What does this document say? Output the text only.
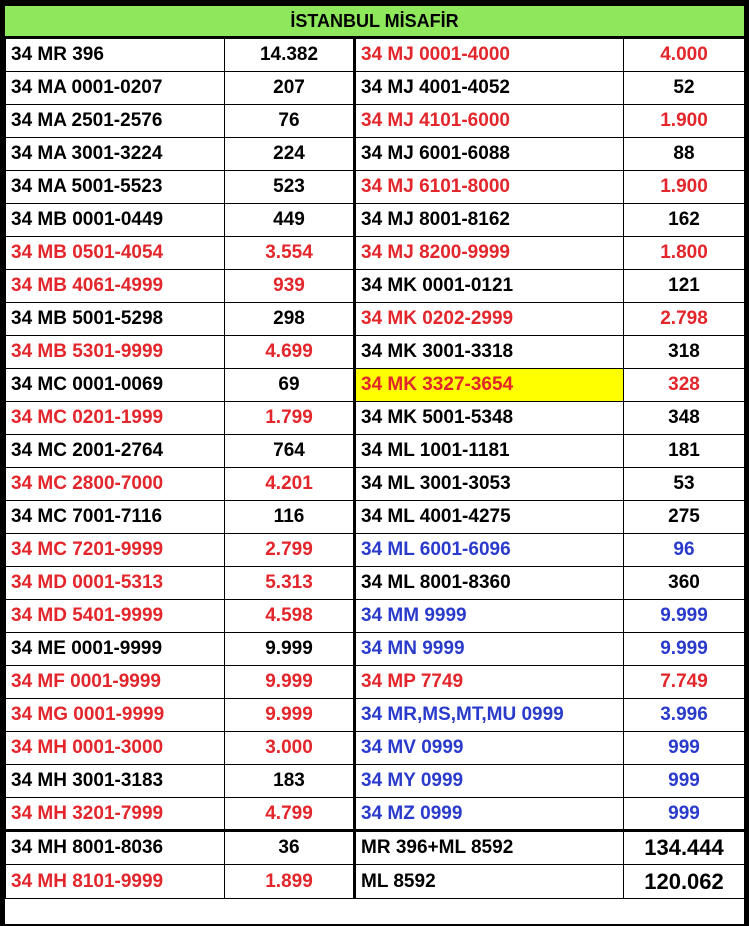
İSTANBUL MİSAFİR
34 MR 396	14.382	34 MJ 0001-4000	4.000
34 MA 0001-0207	207	34 MJ 4001-4052	52
34 MA 2501-2576	76	34 MJ 4101-6000	1.900
34 MA 3001-3224	224	34 MJ 6001-6088	88
34 MA 5001-5523	523	34 MJ 6101-8000	1.900
34 MB 0001-0449	449	34 MJ 8001-8162	162
34 MB 0501-4054	3.554	34 MJ 8200-9999	1.800
34 MB 4061-4999	939	34 MK 0001-0121	121
34 MB 5001-5298	298	34 MK 0202-2999	2.798
34 MB 5301-9999	4.699	34 MK 3001-3318	318
34 MC 0001-0069	69	34 MK 3327-3654	328
34 MC 0201-1999	1.799	34 MK 5001-5348	348
34 MC 2001-2764	764	34 ML 1001-1181	181
34 MC 2800-7000	4.201	34 ML 3001-3053	53
34 MC 7001-7116	116	34 ML 4001-4275	275
34 MC 7201-9999	2.799	34 ML 6001-6096	96
34 MD 0001-5313	5.313	34 ML 8001-8360	360
34 MD 5401-9999	4.598	34 MM 9999	9.999
34 ME 0001-9999	9.999	34 MN 9999	9.999
34 MF 0001-9999	9.999	34 MP 7749	7.749
34 MG 0001-9999	9.999	34 MR,MS,MT,MU 0999	3.996
34 MH 0001-3000	3.000	34 MV 0999	999
34 MH 3001-3183	183	34 MY 0999	999
34 MH 3201-7999	4.799	34 MZ 0999	999
34 MH 8001-8036	36	MR 396+ML 8592	134.444
34 MH 8101-9999	1.899	ML 8592	120.062
